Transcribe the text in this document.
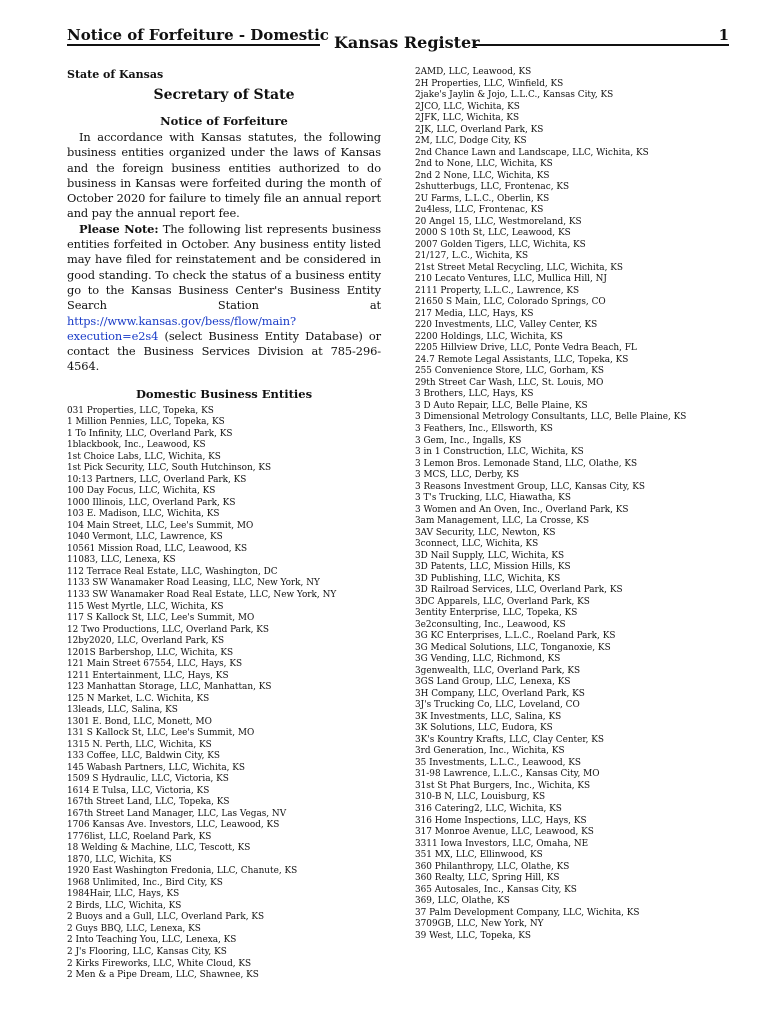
Notice of Forfeiture - Domestic Kansas Register	1
State of Kansas
Secretary of State
Notice of Forfeiture

In accordance with Kansas statutes, the following business entities organized under the laws of Kansas and the foreign business entities authorized to do business in Kansas were forfeited during the month of October 2020 for failure to timely file an annual report and pay the annual report fee.

Please Note: The following list represents business entities forfeited in October. Any business entity listed may have filed for reinstatement and be considered in good standing. To check the status of a business entity go to the Kansas Business Center's Business Entity Search Station at https://www.kansas.gov/bess/flow/main?execution=e2s4 (select Business Entity Database) or contact the Business Services Division at 785-296-4564.

Domestic Business Entities
031 Properties, LLC, Topeka, KS
1 Million Pennies, LLC, Topeka, KS
1 To Infinity, LLC, Overland Park, KS
1blackbook, Inc., Leawood, KS
1st Choice Labs, LLC, Wichita, KS
1st Pick Security, LLC, South Hutchinson, KS
10:13 Partners, LLC, Overland Park, KS
100 Day Focus, LLC, Wichita, KS
1000 Illinois, LLC, Overland Park, KS
103 E. Madison, LLC, Wichita, KS
104 Main Street, LLC, Lee's Summit, MO
1040 Vermont, LLC, Lawrence, KS
10561 Mission Road, LLC, Leawood, KS
11083, LLC, Lenexa, KS
112 Terrace Real Estate, LLC, Washington, DC
1133 SW Wanamaker Road Leasing, LLC, New York, NY
1133 SW Wanamaker Road Real Estate, LLC, New York, NY
115 West Myrtle, LLC, Wichita, KS
117 S Kallock St, LLC, Lee's Summit, MO
12 Two Productions, LLC, Overland Park, KS
12by2020, LLC, Overland Park, KS
1201S Barbershop, LLC, Wichita, KS
121 Main Street 67554, LLC, Hays, KS
1211 Entertainment, LLC, Hays, KS
123 Manhattan Storage, LLC, Manhattan, KS
125 N Market, L.C. Wichita, KS
13leads, LLC, Salina, KS
1301 E. Bond, LLC, Monett, MO
131 S Kallock St, LLC, Lee's Summit, MO
1315 N. Perth, LLC, Wichita, KS
133 Coffee, LLC, Baldwin City, KS
145 Wabash Partners, LLC, Wichita, KS
1509 S Hydraulic, LLC, Victoria, KS
1614 E Tulsa, LLC, Victoria, KS
167th Street Land, LLC, Topeka, KS
167th Street Land Manager, LLC, Las Vegas, NV
1706 Kansas Ave. Investors, LLC, Leawood, KS
1776list, LLC, Roeland Park, KS
18 Welding & Machine, LLC, Tescott, KS
1870, LLC, Wichita, KS
1920 East Washington Fredonia, LLC, Chanute, KS
1968 Unlimited, Inc., Bird City, KS
1984Hair, LLC, Hays, KS
2 Birds, LLC, Wichita, KS
2 Buoys and a Gull, LLC, Overland Park, KS
2 Guys BBQ, LLC, Lenexa, KS
2 Into Teaching You, LLC, Lenexa, KS
2 J's Flooring, LLC, Kansas City, KS
2 Kirks Fireworks, LLC, White Cloud, KS
2 Men & a Pipe Dream, LLC, Shawnee, KS
2AMD, LLC, Leawood, KS
2H Properties, LLC, Winfield, KS
2jake's Jaylin & Jojo, L.L.C., Kansas City, KS
2JCO, LLC, Wichita, KS
2JFK, LLC, Wichita, KS
2JK, LLC, Overland Park, KS
2M, LLC, Dodge City, KS
2nd Chance Lawn and Landscape, LLC, Wichita, KS
2nd to None, LLC, Wichita, KS
2nd 2 None, LLC, Wichita, KS
2shutterbugs, LLC, Frontenac, KS
2U Farms, L.L.C., Oberlin, KS
2u4less, LLC, Frontenac, KS
20 Angel 15, LLC, Westmoreland, KS
2000 S 10th St, LLC, Leawood, KS
2007 Golden Tigers, LLC, Wichita, KS
21/127, L.C., Wichita, KS
21st Street Metal Recycling, LLC, Wichita, KS
210 Lecato Ventures, LLC, Mullica Hill, NJ
2111 Property, L.L.C., Lawrence, KS
21650 S Main, LLC, Colorado Springs, CO
217 Media, LLC, Hays, KS
220 Investments, LLC, Valley Center, KS
2200 Holdings, LLC, Wichita, KS
2205 Hillview Drive, LLC, Ponte Vedra Beach, FL
24.7 Remote Legal Assistants, LLC, Topeka, KS
255 Convenience Store, LLC, Gorham, KS
29th Street Car Wash, LLC, St. Louis, MO
3 Brothers, LLC, Hays, KS
3 D Auto Repair, LLC, Belle Plaine, KS
3 Dimensional Metrology Consultants, LLC, Belle Plaine, KS
3 Feathers, Inc., Ellsworth, KS
3 Gem, Inc., Ingalls, KS
3 in 1 Construction, LLC, Wichita, KS
3 Lemon Bros. Lemonade Stand, LLC, Olathe, KS
3 MCS, LLC, Derby, KS
3 Reasons Investment Group, LLC, Kansas City, KS
3 T's Trucking, LLC, Hiawatha, KS
3 Women and An Oven, Inc., Overland Park, KS
3am Management, LLC, La Crosse, KS
3AV Security, LLC, Newton, KS
3connect, LLC, Wichita, KS
3D Nail Supply, LLC, Wichita, KS
3D Patents, LLC, Mission Hills, KS
3D Publishing, LLC, Wichita, KS
3D Railroad Services, LLC, Overland Park, KS
3DC Apparels, LLC, Overland Park, KS
3entity Enterprise, LLC, Topeka, KS
3e2consulting, Inc., Leawood, KS
3G KC Enterprises, L.L.C., Roeland Park, KS
3G Medical Solutions, LLC, Tonganoxie, KS
3G Vending, LLC, Richmond, KS
3genwealth, LLC, Overland Park, KS
3GS Land Group, LLC, Lenexa, KS
3H Company, LLC, Overland Park, KS
3J's Trucking Co, LLC, Loveland, CO
3K Investments, LLC, Salina, KS
3K Solutions, LLC, Eudora, KS
3K's Kountry Krafts, LLC, Clay Center, KS
3rd Generation, Inc., Wichita, KS
35 Investments, L.L.C., Leawood, KS
31-98 Lawrence, L.L.C., Kansas City, MO
31st St Phat Burgers, Inc., Wichita, KS
310-B N, LLC, Louisburg, KS
316 Catering2, LLC, Wichita, KS
316 Home Inspections, LLC, Hays, KS
317 Monroe Avenue, LLC, Leawood, KS
3311 Iowa Investors, LLC, Omaha, NE
351 MX, LLC, Ellinwood, KS
360 Philanthropy, LLC, Olathe, KS
360 Realty, LLC, Spring Hill, KS
365 Autosales, Inc., Kansas City, KS
369, LLC, Olathe, KS
37 Palm Development Company, LLC, Wichita, KS
3709GB, LLC, New York, NY
39 West, LLC, Topeka, KS
